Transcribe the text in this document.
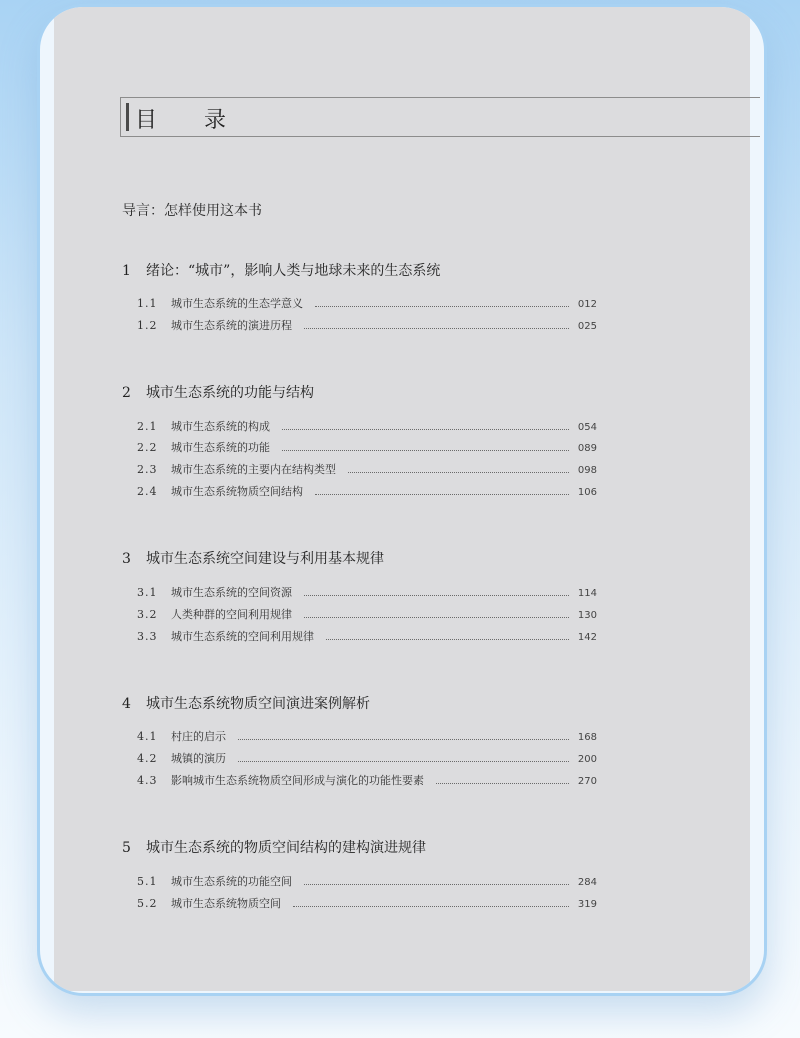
目 录
导言：怎样使用这本书
1 绪论：“城市”，影响人类与地球未来的生态系统
1.1	城市生态系统的生态学意义	012
1.2	城市生态系统的演进历程	025
2 城市生态系统的功能与结构
2.1	城市生态系统的构成	054
2.2	城市生态系统的功能	089
2.3	城市生态系统的主要内在结构类型	098
2.4	城市生态系统物质空间结构	106
3 城市生态系统空间建设与利用基本规律
3.1	城市生态系统的空间资源	114
3.2	人类种群的空间利用规律	130
3.3	城市生态系统的空间利用规律	142
4 城市生态系统物质空间演进案例解析
4.1	村庄的启示	168
4.2	城镇的演历	200
4.3	影响城市生态系统物质空间形成与演化的功能性要素	270
5 城市生态系统的物质空间结构的建构演进规律
5.1	城市生态系统的功能空间	284
5.2	城市生态系统物质空间	319
